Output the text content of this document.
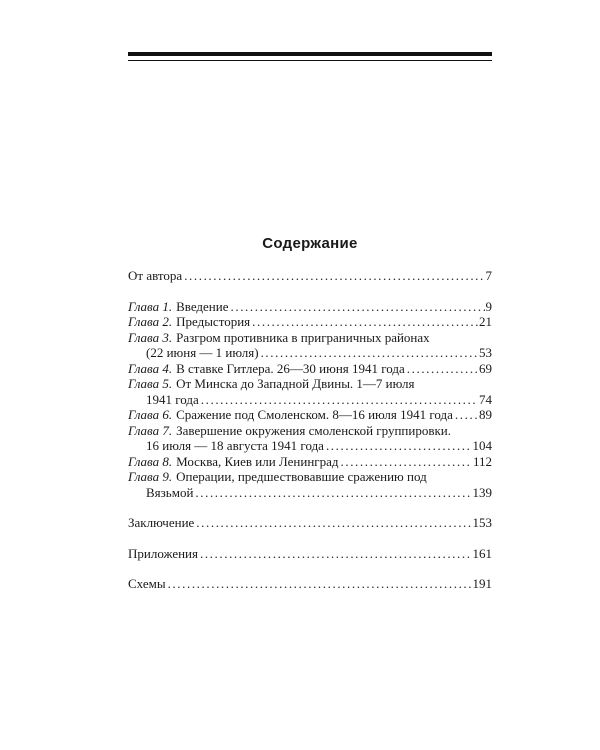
Содержание
От автора .....	7
Глава 1. Введение .....	9
Глава 2. Предыстория .....	21
Глава 3. Разгром противника в приграничных районах
(22 июня — 1 июля) .....	53
Глава 4. В ставке Гитлера. 26—30 июня 1941 года .....	69
Глава 5. От Минска до Западной Двины. 1—7 июля
1941 года .....	74
Глава 6. Сражение под Смоленском. 8—16 июля 1941 года ..... 89
Глава 7. Завершение окружения смоленской группировки.
16 июля — 18 августа 1941 года .....	104
Глава 8. Москва, Киев или Ленинград .....	112
Глава 9. Операции, предшествовавшие сражению под
Вязьмой .....	139
Заключение .....	153
Приложения .....	161
Схемы .....	191
